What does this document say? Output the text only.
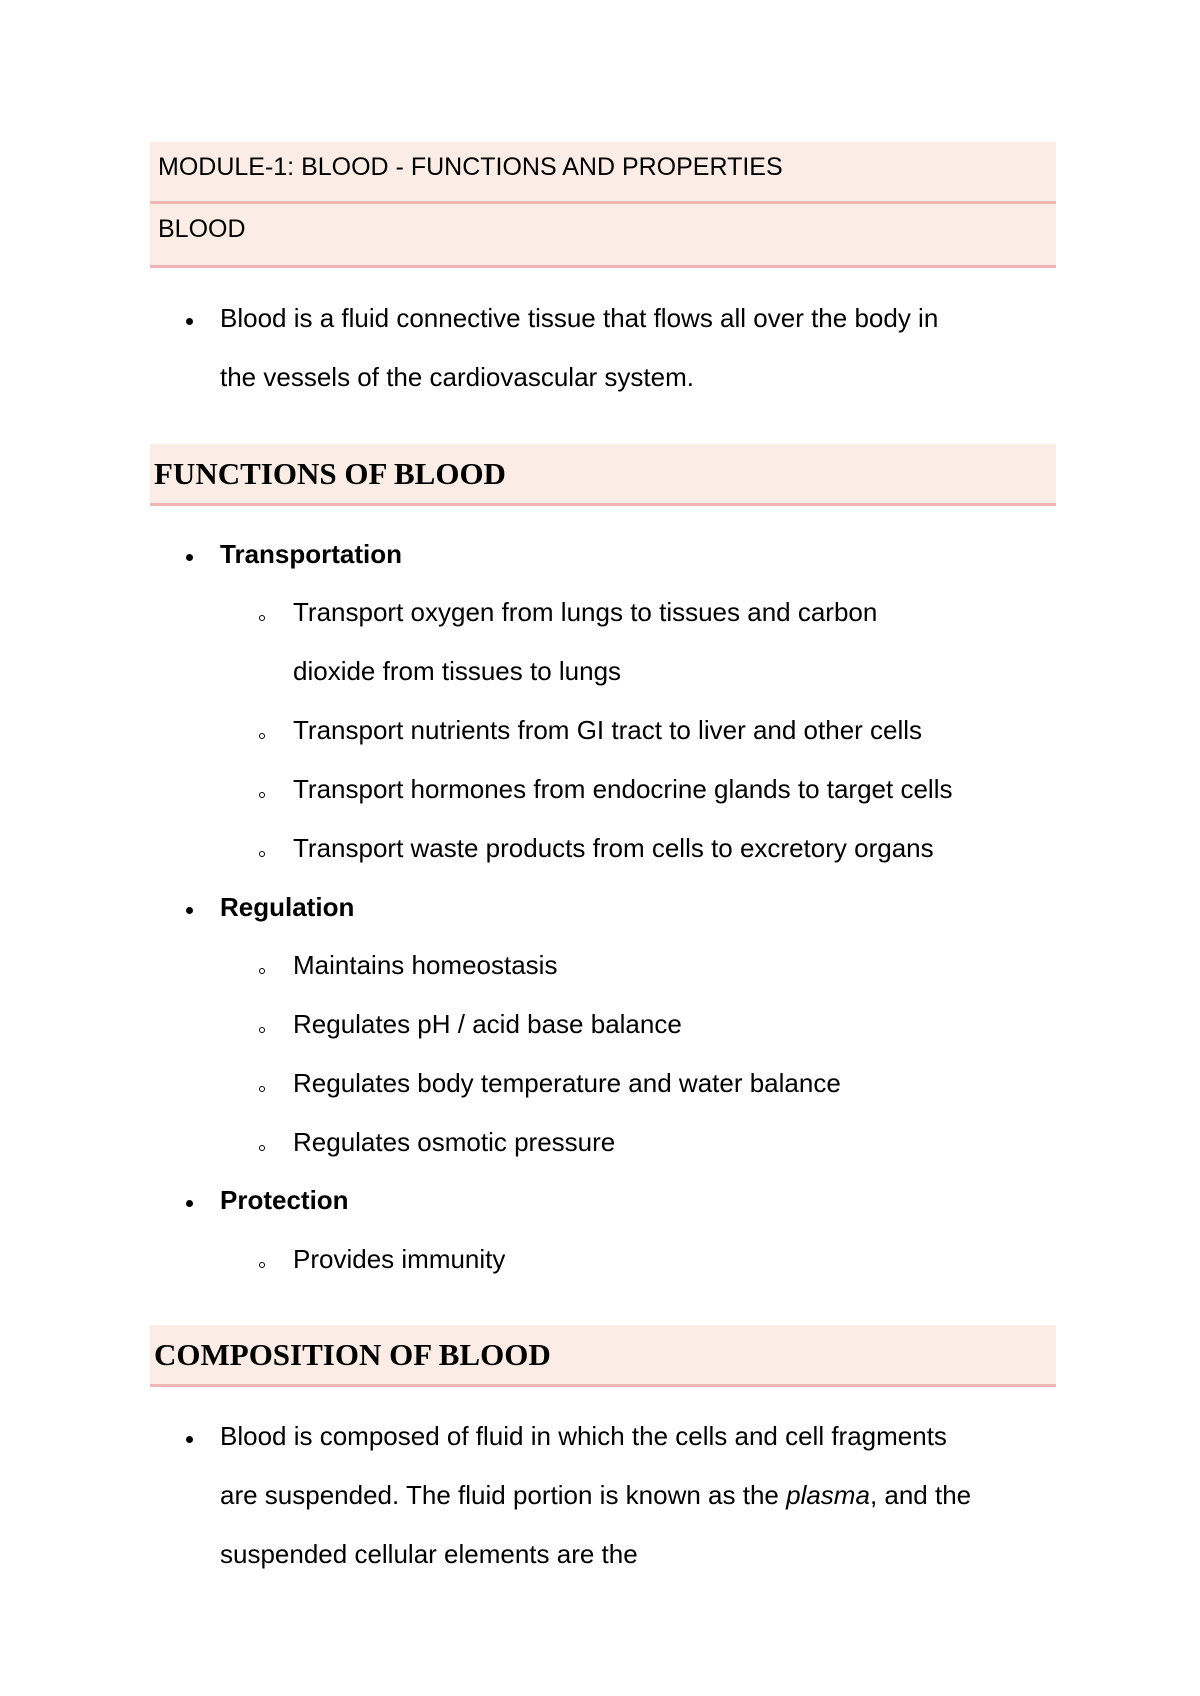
MODULE-1: BLOOD - FUNCTIONS AND PROPERTIES
BLOOD
Blood is a fluid connective tissue that flows all over the body in
the vessels of the cardiovascular system.
FUNCTIONS OF BLOOD
Transportation
Transport oxygen from lungs to tissues and carbon
dioxide from tissues to lungs
Transport nutrients from GI tract to liver and other cells
Transport hormones from endocrine glands to target cells
Transport waste products from cells to excretory organs
Regulation
Maintains homeostasis
Regulates pH / acid base balance
Regulates body temperature and water balance
Regulates osmotic pressure
Protection
Provides immunity
COMPOSITION OF BLOOD
Blood is composed of fluid in which the cells and cell fragments
are suspended. The fluid portion is known as the plasma, and the
suspended cellular elements are the
